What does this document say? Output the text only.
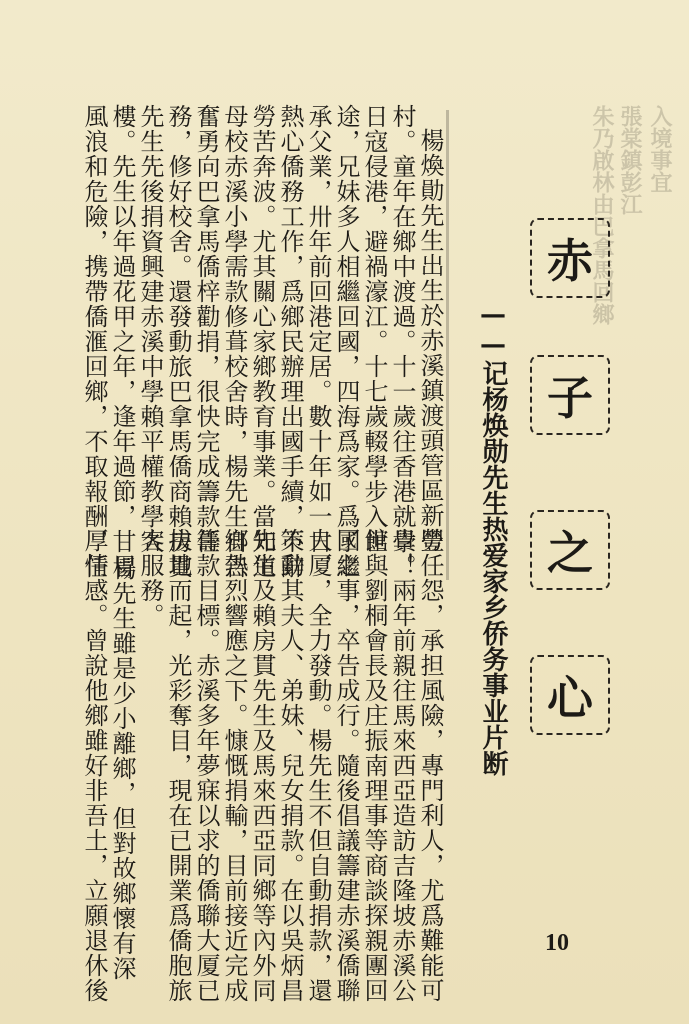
入境事宜
張棠鎮彭江
朱乃啟林由巴拿馬回鄉
赤
子
之
心
——记杨焕勋先生热爱家乡侨务事业片断
楊煥勛先生出生於赤溪鎮渡頭管區新豐
村。童年在鄉中渡過。十一歲往香港就學。
日寇侵港，避禍濠江。十七歲輟學步入世
途，兄妹多人相繼回國，四海爲家。爲了繼
承父業，卅年前回港定居。數十年如一日，
熱心僑務工作，爲鄉民辦理出國手續，不辭
勞苦奔波。尤其關心家鄉教育事業。當知道
母校赤溪小學需款修葺校舍時，楊先生自告
奮勇向巴拿馬僑梓勸捐，很快完成籌款任
務，修好校舍。還發動旅巴拿馬僑商賴房貫
先生先後捐資興建赤溪中學賴平權教學大
樓。先生以年過花甲之年，逢年過節，甘冒
風浪和危險，携帶僑滙回鄉，不取報酬，任
勞任怨，承担風險，專門利人，尤爲難能可
貴！兩年前親往馬來西亞造訪吉隆坡赤溪公
館與劉桐會長及庄振南理事等商談探親團回
國之事，卒告成行。隨後倡議籌建赤溪僑聯
大厦，全力發動。楊先生不但自動捐款，還
策動其夫人、弟妹、兒女捐款。在以吳炳昌
先生及賴房貫先生及馬來西亞同鄉等內外同
鄉熱烈響應之下。慷慨捐輸，目前接近完成
籌款目標。赤溪多年夢寐以求的僑聯大厦已
拔地而起，光彩奪目，現在已開業爲僑胞旅
客服務。
楊先生雖是少小離鄉，但對故鄉懷有深
厚情感。曾說他鄉雖好非吾土，立願退休後	10
